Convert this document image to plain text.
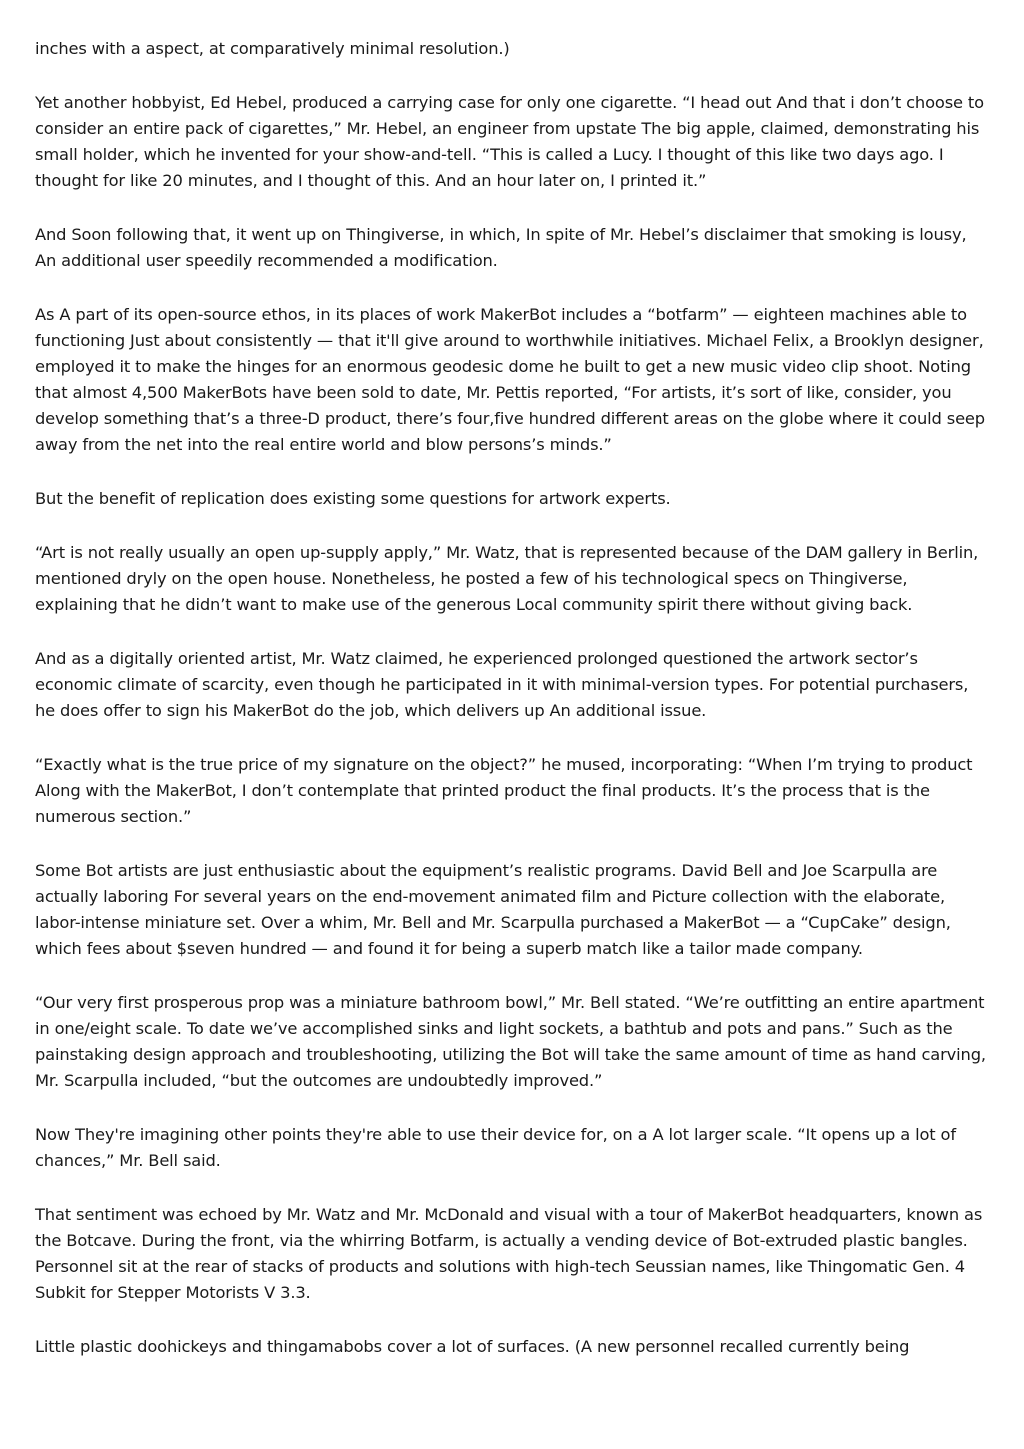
inches with a aspect, at comparatively minimal resolution.)

Yet another hobbyist, Ed Hebel, produced a carrying case for only one cigarette. “I head out And that i don’t choose to consider an entire pack of cigarettes,” Mr. Hebel, an engineer from upstate The big apple, claimed, demonstrating his small holder, which he invented for your show-and-tell. “This is called a Lucy. I thought of this like two days ago. I thought for like 20 minutes, and I thought of this. And an hour later on, I printed it.”

And Soon following that, it went up on Thingiverse, in which, In spite of Mr. Hebel’s disclaimer that smoking is lousy, An additional user speedily recommended a modification.

As A part of its open-source ethos, in its places of work MakerBot includes a “botfarm” — eighteen machines able to functioning Just about consistently — that it'll give around to worthwhile initiatives. Michael Felix, a Brooklyn designer, employed it to make the hinges for an enormous geodesic dome he built to get a new music video clip shoot. Noting that almost 4,500 MakerBots have been sold to date, Mr. Pettis reported, “For artists, it’s sort of like, consider, you develop something that’s a three-D product, there’s four,five hundred different areas on the globe where it could seep away from the net into the real entire world and blow persons’s minds.”

But the benefit of replication does existing some questions for artwork experts.

“Art is not really usually an open up-supply apply,” Mr. Watz, that is represented because of the DAM gallery in Berlin, mentioned dryly on the open house. Nonetheless, he posted a few of his technological specs on Thingiverse, explaining that he didn’t want to make use of the generous Local community spirit there without giving back.

And as a digitally oriented artist, Mr. Watz claimed, he experienced prolonged questioned the artwork sector’s economic climate of scarcity, even though he participated in it with minimal-version types. For potential purchasers, he does offer to sign his MakerBot do the job, which delivers up An additional issue.

“Exactly what is the true price of my signature on the object?” he mused, incorporating: “When I’m trying to product Along with the MakerBot, I don’t contemplate that printed product the final products. It’s the process that is the numerous section.”

Some Bot artists are just enthusiastic about the equipment’s realistic programs. David Bell and Joe Scarpulla are actually laboring For several years on the end-movement animated film and Picture collection with the elaborate, labor-intense miniature set. Over a whim, Mr. Bell and Mr. Scarpulla purchased a MakerBot — a “CupCake” design, which fees about $seven hundred — and found it for being a superb match like a tailor made company.

“Our very first prosperous prop was a miniature bathroom bowl,” Mr. Bell stated. “We’re outfitting an entire apartment in one/eight scale. To date we’ve accomplished sinks and light sockets, a bathtub and pots and pans.” Such as the painstaking design approach and troubleshooting, utilizing the Bot will take the same amount of time as hand carving, Mr. Scarpulla included, “but the outcomes are undoubtedly improved.”

Now They're imagining other points they're able to use their device for, on a A lot larger scale. “It opens up a lot of chances,” Mr. Bell said.

That sentiment was echoed by Mr. Watz and Mr. McDonald and visual with a tour of MakerBot headquarters, known as the Botcave. During the front, via the whirring Botfarm, is actually a vending device of Bot-extruded plastic bangles. Personnel sit at the rear of stacks of products and solutions with high-tech Seussian names, like Thingomatic Gen. 4 Subkit for Stepper Motorists V 3.3.

Little plastic doohickeys and thingamabobs cover a lot of surfaces. (A new personnel recalled currently being
